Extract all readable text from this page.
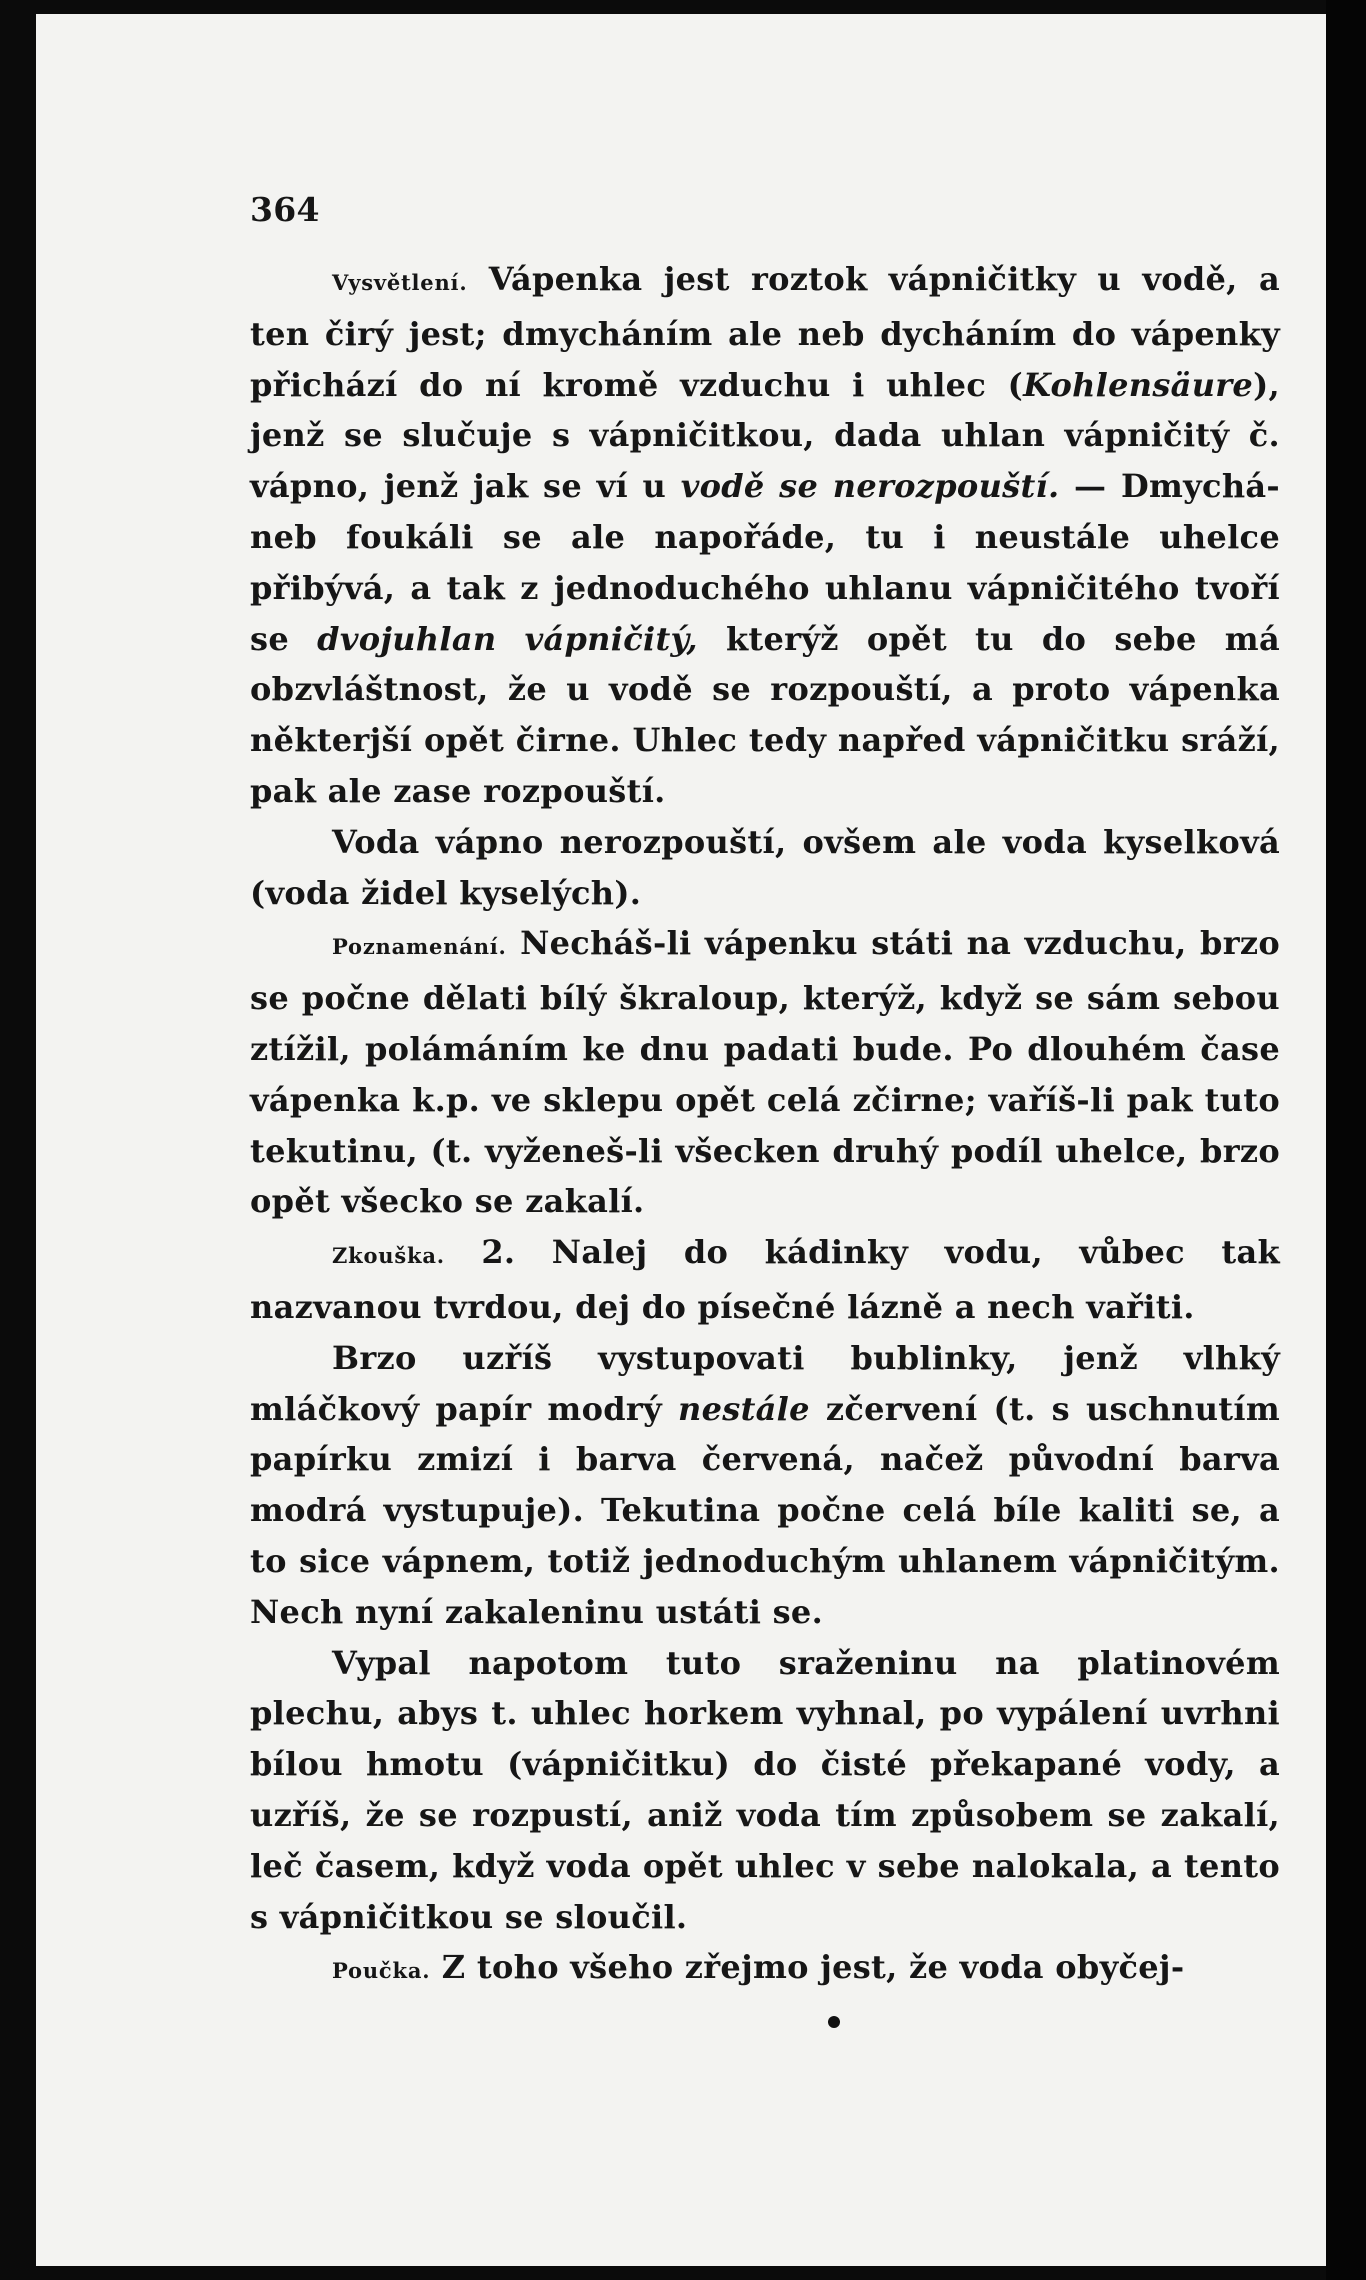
364

Vysvětlení. Vápenka jest roztok vápničitky u vodě, a ten čirý jest; dmycháním ale neb dycháním do vápenky přichází do ní kromě vzduchu i uhlec (Kohlensäure), jenž se slučuje s vápničitkou, dada uhlan vápničitý č. vápno, jenž jak se ví u vodě se nerozpouští. — Dmychá- neb foukáli se ale napořáde, tu i neustále uhelce přibývá, a tak z jednoduchého uhlanu vápničitého tvoří se dvojuhlan vápničitý, kterýž opět tu do sebe má obzvláštnost, že u vodě se rozpouští, a proto vápenka některjší opět čirne. Uhlec tedy napřed vápničitku sráží, pak ale zase rozpouští.

Voda vápno nerozpouští, ovšem ale voda kyselková (voda židel kyselých).

Poznamenání. Necháš-li vápenku státi na vzduchu, brzo se počne dělati bílý škraloup, kterýž, když se sám sebou ztížil, polámáním ke dnu padati bude. Po dlouhém čase vápenka k.p. ve sklepu opět celá zčirne; vaříš-li pak tuto tekutinu, (t. vyženeš-li všecken druhý podíl uhelce, brzo opět všecko se zakalí.

Zkouška. 2. Nalej do kádinky vodu, vůbec tak nazvanou tvrdou, dej do písečné lázně a nech vařiti.

Brzo uzříš vystupovati bublinky, jenž vlhký mláčkový papír modrý nestále zčervení (t. s uschnutím papírku zmizí i barva červená, načež původní barva modrá vystupuje). Tekutina počne celá bíle kaliti se, a to sice vápnem, totiž jednoduchým uhlanem vápničitým. Nech nyní zakaleninu ustáti se.

Vypal napotom tuto sraženinu na platinovém plechu, abys t. uhlec horkem vyhnal, po vypálení uvrhni bílou hmotu (vápničitku) do čisté překapané vody, a uzříš, že se rozpustí, aniž voda tím způsobem se zakalí, leč časem, když voda opět uhlec v sebe nalokala, a tento s vápničitkou se sloučil.

Poučka. Z toho všeho zřejmo jest, že voda obyčej-
